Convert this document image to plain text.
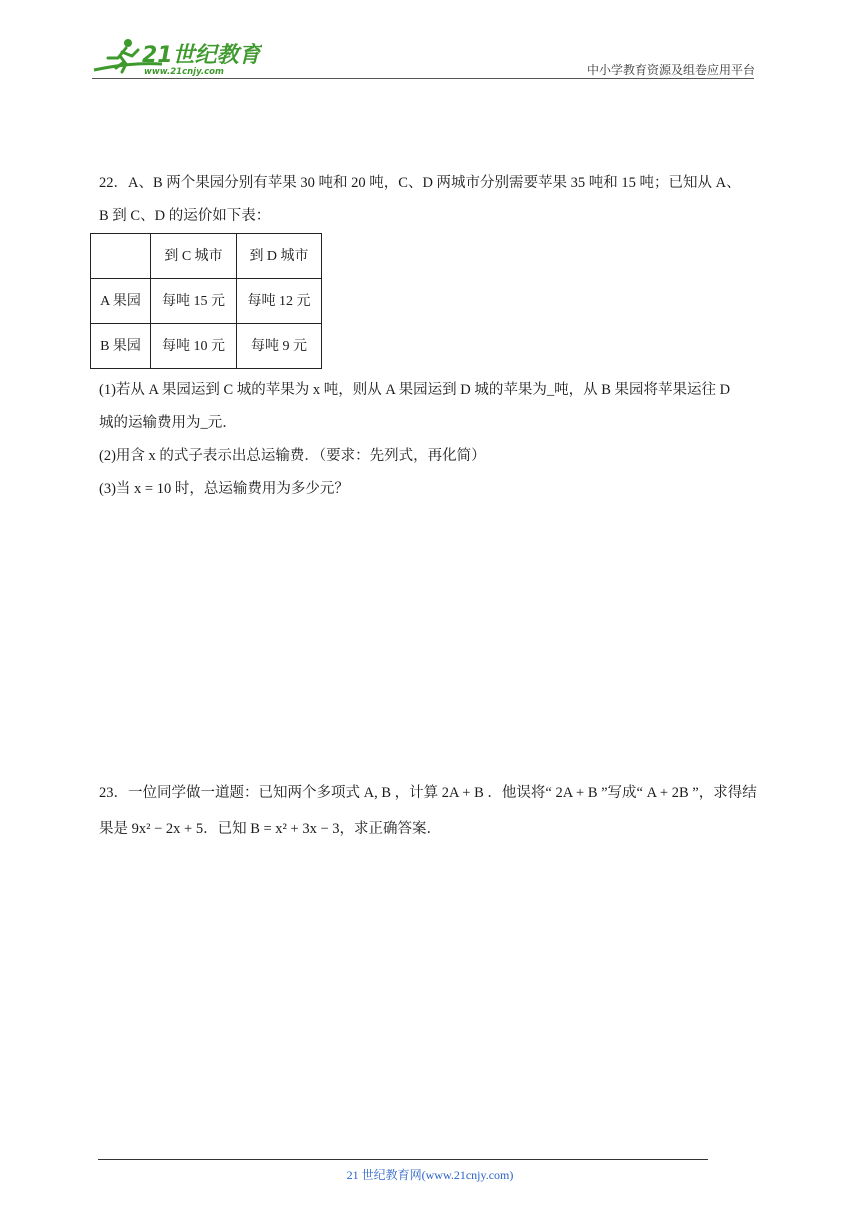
21世纪教育
www.21cnjy.com	中小学教育资源及组卷应用平台
22．A、B 两个果园分别有苹果 30 吨和 20 吨，C、D 两城市分别需要苹果 35 吨和 15 吨；已知从 A、
B 到 C、D 的运价如下表：
	到 C 城市	到 D 城市
A 果园	每吨 15 元	每吨 12 元
B 果园	每吨 10 元	每吨 9 元
(1)若从 A 果园运到 C 城的苹果为 x 吨，则从 A 果园运到 D 城的苹果为_吨，从 B 果园将苹果运往 D
城的运输费用为_元．
(2)用含 x 的式子表示出总运输费．（要求：先列式，再化简）
(3)当 x = 10 时，总运输费用为多少元？
23．一位同学做一道题：已知两个多项式 A, B ，计算 2A + B ．他误将“ 2A + B ”写成“ A + 2B ”，求得结
果是 9x² − 2x + 5．已知 B = x² + 3x − 3，求正确答案．
21 世纪教育网(www.21cnjy.com)
